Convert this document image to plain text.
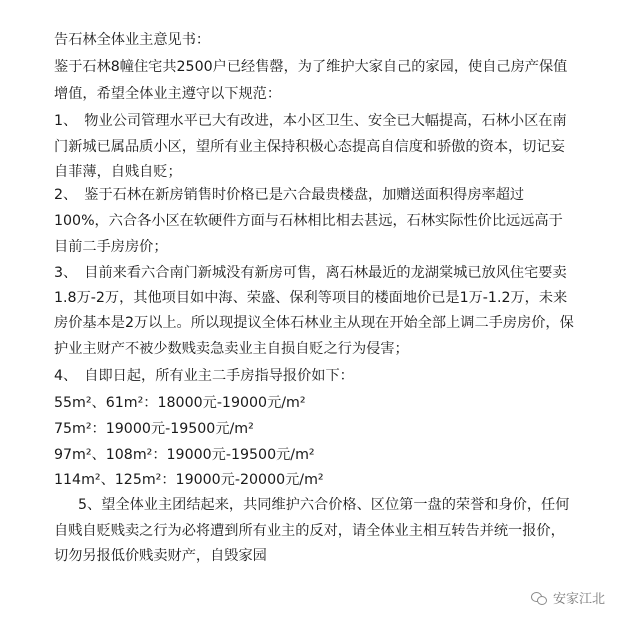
告石林全体业主意见书：
鉴于石林8幢住宅共2500户已经售罄，为了维护大家自己的家园，使自己房产保值
增值，希望全体业主遵守以下规范：
1、　物业公司管理水平已大有改进，本小区卫生、安全已大幅提高，石林小区在南
门新城已属品质小区，望所有业主保持积极心态提高自信度和骄傲的资本，切记妄
自菲薄，自贱自贬；
2、　鉴于石林在新房销售时价格已是六合最贵楼盘，加赠送面积得房率超过
100%，六合各小区在软硬件方面与石林相比相去甚远，石林实际性价比远远高于
目前二手房房价；
3、　目前来看六合南门新城没有新房可售，离石林最近的龙湖棠城已放风住宅要卖
1.8万-2万，其他项目如中海、荣盛、保利等项目的楼面地价已是1万-1.2万，未来
房价基本是2万以上。所以现提议全体石林业主从现在开始全部上调二手房房价，保
护业主财产不被少数贱卖急卖业主自损自贬之行为侵害；
4、　自即日起，所有业主二手房指导报价如下：
55m²、61m²：18000元-19000元/m²
75m²：19000元-19500元/m²
97m²、108m²：19000元-19500元/m²
114m²、125m²：19000元-20000元/m²
5、望全体业主团结起来，共同维护六合价格、区位第一盘的荣誉和身价，任何
自贱自贬贱卖之行为必将遭到所有业主的反对，请全体业主相互转告并统一报价，
切勿另报低价贱卖财产，自毁家园
安家江北
